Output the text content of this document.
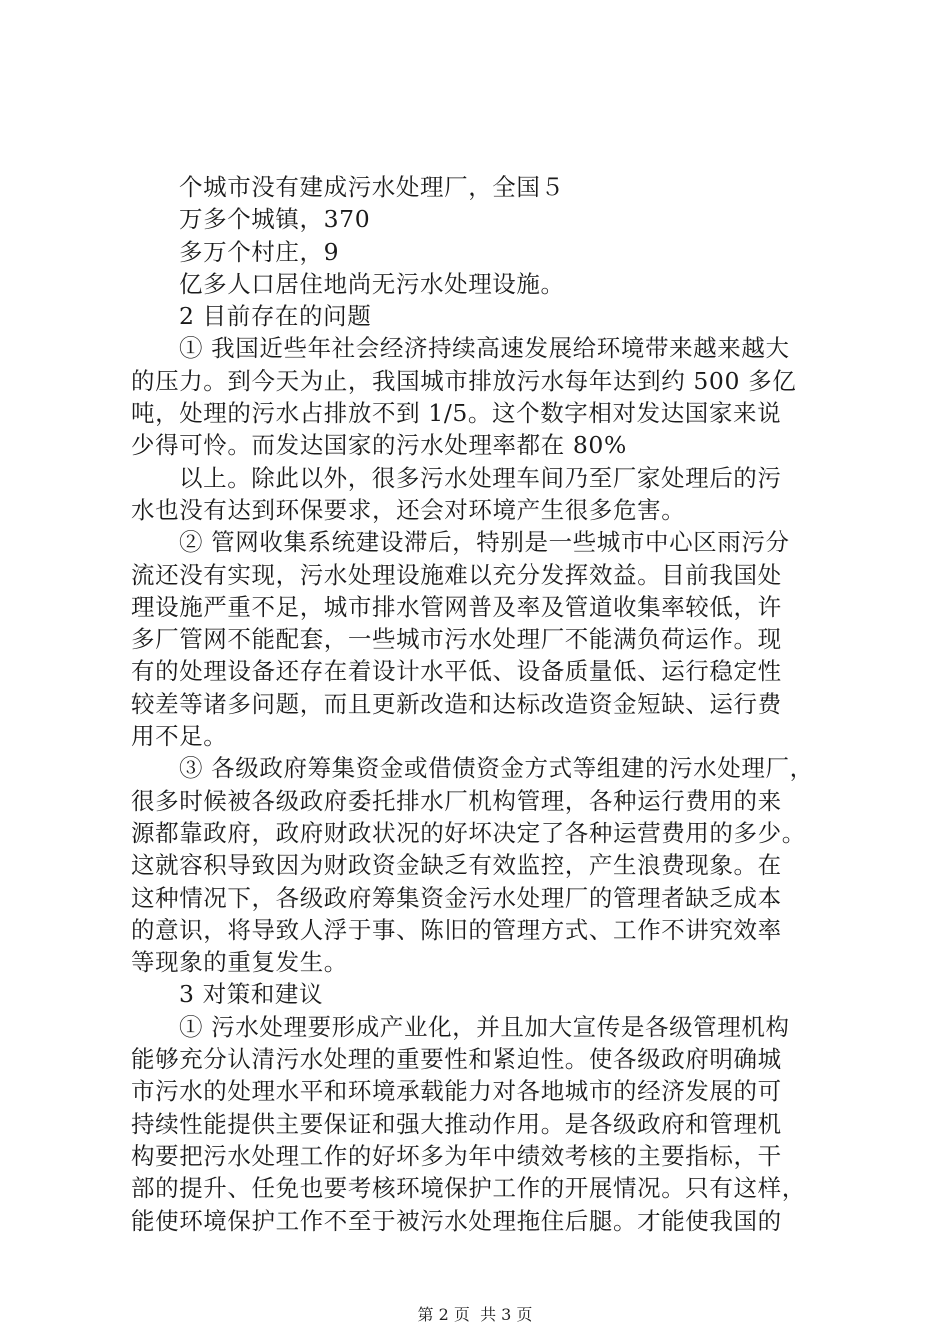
个城市没有建成污水处理厂，全国５
万多个城镇，370
多万个村庄，9
亿多人口居住地尚无污水处理设施。
2 目前存在的问题
① 我国近些年社会经济持续高速发展给环境带来越来越大
的压力。到今天为止，我国城市排放污水每年达到约 500 多亿
吨，处理的污水占排放不到 1/5。这个数字相对发达国家来说
少得可怜。而发达国家的污水处理率都在 80%
以上。除此以外，很多污水处理车间乃至厂家处理后的污
水也没有达到环保要求，还会对环境产生很多危害。
② 管网收集系统建设滞后，特别是一些城市中心区雨污分
流还没有实现，污水处理设施难以充分发挥效益。目前我国处
理设施严重不足，城市排水管网普及率及管道收集率较低，许
多厂管网不能配套，一些城市污水处理厂不能满负荷运作。现
有的处理设备还存在着设计水平低、设备质量低、运行稳定性
较差等诸多问题，而且更新改造和达标改造资金短缺、运行费
用不足。
③ 各级政府筹集资金或借债资金方式等组建的污水处理厂，
很多时候被各级政府委托排水厂机构管理，各种运行费用的来
源都靠政府，政府财政状况的好坏决定了各种运营费用的多少。
这就容积导致因为财政资金缺乏有效监控，产生浪费现象。在
这种情况下，各级政府筹集资金污水处理厂的管理者缺乏成本
的意识，将导致人浮于事、陈旧的管理方式、工作不讲究效率
等现象的重复发生。
3 对策和建议
① 污水处理要形成产业化，并且加大宣传是各级管理机构
能够充分认清污水处理的重要性和紧迫性。使各级政府明确城
市污水的处理水平和环境承载能力对各地城市的经济发展的可
持续性能提供主要保证和强大推动作用。是各级政府和管理机
构要把污水处理工作的好坏多为年中绩效考核的主要指标，干
部的提升、任免也要考核环境保护工作的开展情况。只有这样，
能使环境保护工作不至于被污水处理拖住后腿。才能使我国的
第 2 页 共 3 页
